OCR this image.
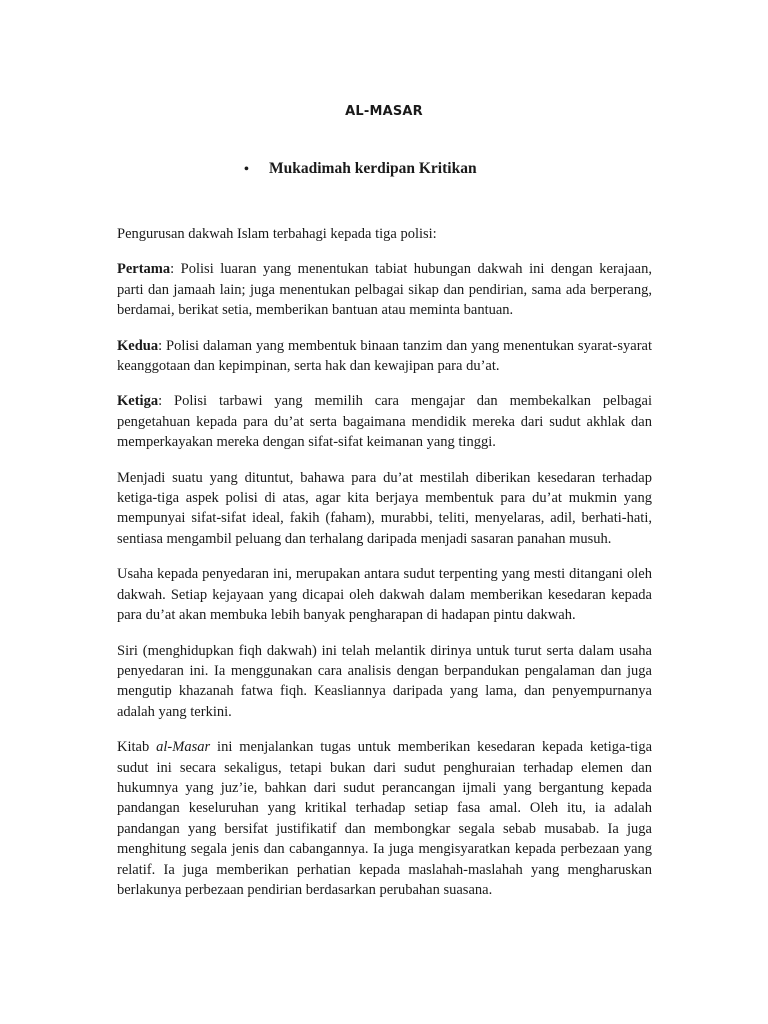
AL-MASAR
•	Mukadimah kerdipan Kritikan

Pengurusan dakwah Islam terbahagi kepada tiga polisi:

Pertama: Polisi luaran yang menentukan tabiat hubungan dakwah ini dengan kerajaan, parti dan jamaah lain; juga menentukan pelbagai sikap dan pendirian, sama ada berperang, berdamai, berikat setia, memberikan bantuan atau meminta bantuan.

Kedua: Polisi dalaman yang membentuk binaan tanzim dan yang menentukan syarat-syarat keanggotaan dan kepimpinan, serta hak dan kewajipan para du’at.

Ketiga: Polisi tarbawi yang memilih cara mengajar dan membekalkan pelbagai pengetahuan kepada para du’at serta bagaimana mendidik mereka dari sudut akhlak dan memperkayakan mereka dengan sifat-sifat keimanan yang tinggi.

Menjadi suatu yang dituntut, bahawa para du’at mestilah diberikan kesedaran terhadap ketiga-tiga aspek polisi di atas, agar kita berjaya membentuk para du’at mukmin yang mempunyai sifat-sifat ideal, fakih (faham), murabbi, teliti, menyelaras, adil, berhati-hati, sentiasa mengambil peluang dan terhalang daripada menjadi sasaran panahan musuh.

Usaha kepada penyedaran ini, merupakan antara sudut terpenting yang mesti ditangani oleh dakwah. Setiap kejayaan yang dicapai oleh dakwah dalam memberikan kesedaran kepada para du’at akan membuka lebih banyak pengharapan di hadapan pintu dakwah.

Siri (menghidupkan fiqh dakwah) ini telah melantik dirinya untuk turut serta dalam usaha penyedaran ini. Ia menggunakan cara analisis dengan berpandukan pengalaman dan juga mengutip khazanah fatwa fiqh. Keasliannya daripada yang lama, dan penyempurnanya adalah yang terkini.

Kitab al-Masar ini menjalankan tugas untuk memberikan kesedaran kepada ketiga-tiga sudut ini secara sekaligus, tetapi bukan dari sudut penghuraian terhadap elemen dan hukumnya yang juz’ie, bahkan dari sudut perancangan ijmali yang bergantung kepada pandangan keseluruhan yang kritikal terhadap setiap fasa amal. Oleh itu, ia adalah pandangan yang bersifat justifikatif dan membongkar segala sebab musabab. Ia juga menghitung segala jenis dan cabangannya. Ia juga mengisyaratkan kepada perbezaan yang relatif. Ia juga memberikan perhatian kepada maslahah-maslahah yang mengharuskan berlakunya perbezaan pendirian berdasarkan perubahan suasana.
